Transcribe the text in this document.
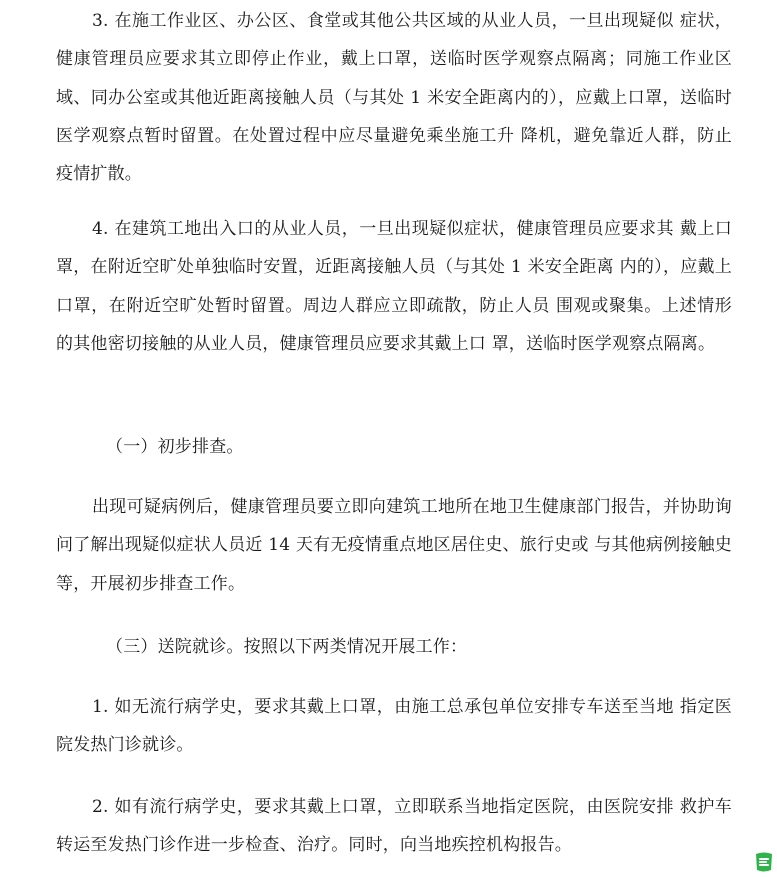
3. 在施工作业区、办公区、食堂或其他公共区域的从业人员，一旦出现疑似 症状，健康管理员应要求其立即停止作业，戴上口罩，送临时医学观察点隔离；同施工作业区域、同办公室或其他近距离接触人员（与其处 1 米安全距离内的），应戴上口罩，送临时医学观察点暂时留置。在处置过程中应尽量避免乘坐施工升 降机，避免靠近人群，防止疫情扩散。

4. 在建筑工地出入口的从业人员，一旦出现疑似症状，健康管理员应要求其 戴上口罩，在附近空旷处单独临时安置，近距离接触人员（与其处 1 米安全距离 内的），应戴上口罩，在附近空旷处暂时留置。周边人群应立即疏散，防止人员 围观或聚集。上述情形的其他密切接触的从业人员，健康管理员应要求其戴上口 罩，送临时医学观察点隔离。

（一）初步排查。

出现可疑病例后，健康管理员要立即向建筑工地所在地卫生健康部门报告，并协助询问了解出现疑似症状人员近 14 天有无疫情重点地区居住史、旅行史或 与其他病例接触史等，开展初步排查工作。

（三）送院就诊。按照以下两类情况开展工作：

1. 如无流行病学史，要求其戴上口罩，由施工总承包单位安排专车送至当地 指定医院发热门诊就诊。

2. 如有流行病学史，要求其戴上口罩，立即联系当地指定医院，由医院安排 救护车转运至发热门诊作进一步检查、治疗。同时，向当地疾控机构报告。
